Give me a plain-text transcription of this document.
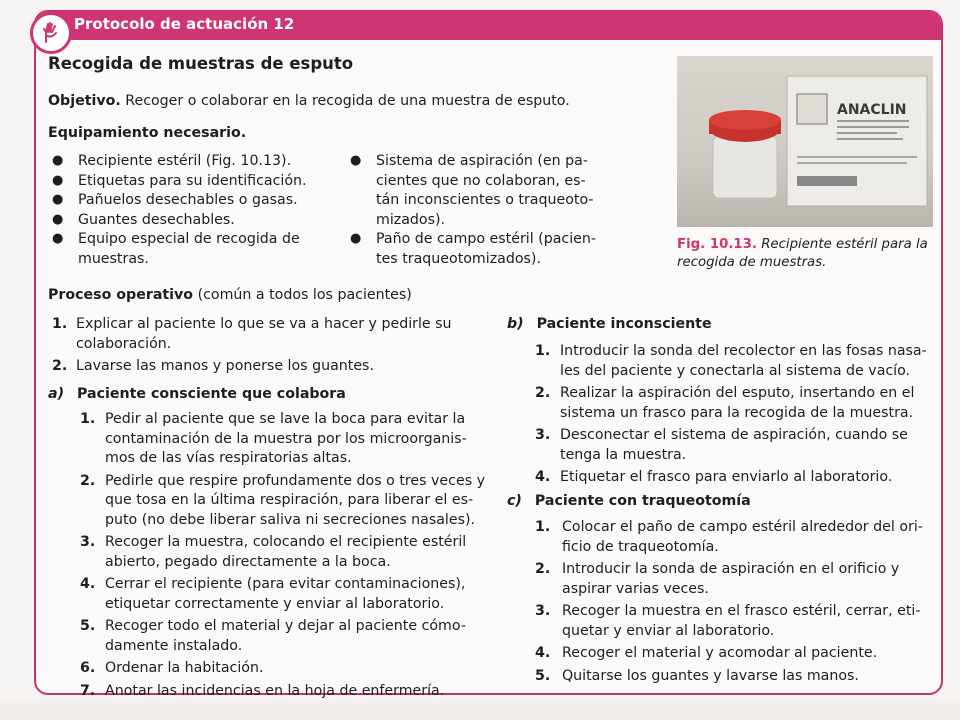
Protocolo de actuación 12
Recogida de muestras de esputo
Objetivo. Recoger o colaborar en la recogida de una muestra de esputo.
Equipamiento necesario.
ANACLIN
Fig. 10.13. Recipiente estéril para la
recogida de muestras.
Proceso operativo (común a todos los pacientes)
a) Paciente consciente que colabora
b) Paciente inconsciente
c) Paciente con traqueotomía
● Recipiente estéril (Fig. 10.13).
● Etiquetas para su identificación.
● Pañuelos desechables o gasas.
● Guantes desechables.
● Equipo especial de recogida de
muestras.
● Sistema de aspiración (en pa-
cientes que no colaboran, es-
tán inconscientes o traqueoto-
mizados).
● Paño de campo estéril (pacien-
tes traqueotomizados).
1. Explicar al paciente lo que se va a hacer y pedirle su
colaboración.
2. Lavarse las manos y ponerse los guantes.
1. Pedir al paciente que se lave la boca para evitar la
contaminación de la muestra por los microorganis-
mos de las vías respiratorias altas.
2. Pedirle que respire profundamente dos o tres veces y
que tosa en la última respiración, para liberar el es-
puto (no debe liberar saliva ni secreciones nasales).
3. Recoger la muestra, colocando el recipiente estéril
abierto, pegado directamente a la boca.
4. Cerrar el recipiente (para evitar contaminaciones),
etiquetar correctamente y enviar al laboratorio.
5. Recoger todo el material y dejar al paciente cómo-
damente instalado.
6. Ordenar la habitación.
7. Anotar las incidencias en la hoja de enfermería.
1. Introducir la sonda del recolector en las fosas nasa-
les del paciente y conectarla al sistema de vacío.
2. Realizar la aspiración del esputo, insertando en el
sistema un frasco para la recogida de la muestra.
3. Desconectar el sistema de aspiración, cuando se
tenga la muestra.
4. Etiquetar el frasco para enviarlo al laboratorio.
1. Colocar el paño de campo estéril alrededor del ori-
ficio de traqueotomía.
2. Introducir la sonda de aspiración en el orificio y
aspirar varias veces.
3. Recoger la muestra en el frasco estéril, cerrar, eti-
quetar y enviar al laboratorio.
4. Recoger el material y acomodar al paciente.
5. Quitarse los guantes y lavarse las manos.
